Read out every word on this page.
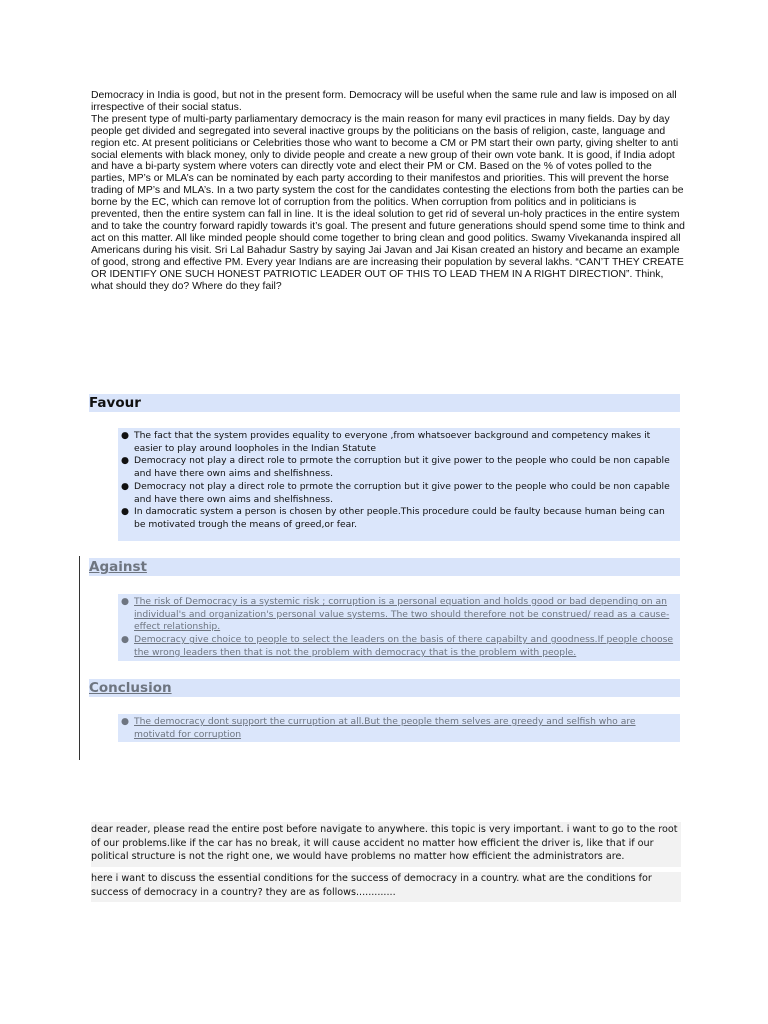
Democracy in India is good, but not in the present form. Democracy will be useful when the same rule and law is imposed on all irrespective of their social status.

The present type of multi-party parliamentary democracy is the main reason for many evil practices in many fields. Day by day people get divided and segregated into several inactive groups by the politicians on the basis of religion, caste, language and region etc. At present politicians or Celebrities those who want to become a CM or PM start their own party, giving shelter to anti social elements with black money, only to divide people and create a new group of their own vote bank. It is good, if India adopt and have a bi-party system where voters can directly vote and elect their PM or CM. Based on the % of votes polled to the parties, MP’s or MLA’s can be nominated by each party according to their manifestos and priorities. This will prevent the horse trading of MP’s and MLA’s. In a two party system the cost for the candidates contesting the elections from both the parties can be borne by the EC, which can remove lot of corruption from the politics. When corruption from politics and in politicians is prevented, then the entire system can fall in line. It is the ideal solution to get rid of several un-holy practices in the entire system and to take the country forward rapidly towards it’s goal. The present and future generations should spend some time to think and act on this matter. All like minded people should come together to bring clean and good politics. Swamy Vivekananda inspired all Americans during his visit. Sri Lal Bahadur Sastry by saying Jai Javan and Jai Kisan created an history and became an example of good, strong and effective PM. Every year Indians are are increasing their population by several lakhs. “CAN’T THEY CREATE OR IDENTIFY ONE SUCH HONEST PATRIOTIC LEADER OUT OF THIS TO LEAD THEM IN A RIGHT DIRECTION”. Think, what should they do? Where do they fail?

Favour
● The fact that the system provides equality to everyone ,from whatsoever background and competency makes it easier to play around loopholes in the Indian Statute
● Democracy not play a direct role to prmote the corruption but it give power to the people who could be non capable and have there own aims and shelfishness.
● Democracy not play a direct role to prmote the corruption but it give power to the people who could be non capable and have there own aims and shelfishness.
● In damocratic system a person is chosen by other people.This procedure could be faulty because human being can be motivated trough the means of greed,or fear.
Against
● The risk of Democracy is a systemic risk ; corruption is a personal equation and holds good or bad depending on an individual's and organization's personal value systems. The two should therefore not be construed/ read as a cause- effect relationship.
● Democracy give choice to people to select the leaders on the basis of there capabilty and goodness.If people choose the wrong leaders then that is not the problem with democracy that is the problem with people.
Conclusion
● The democracy dont support the curruption at all.But the people them selves are greedy and selfish who are motivatd for corruption

dear reader, please read the entire post before navigate to anywhere. this topic is very important. i want to go to the root of our problems.like if the car has no break, it will cause accident no matter how efficient the driver is, like that if our political structure is not the right one, we would have problems no matter how efficient the administrators are.

here i want to discuss the essential conditions for the success of democracy in a country. what are the conditions for success of democracy in a country? they are as follows.............
